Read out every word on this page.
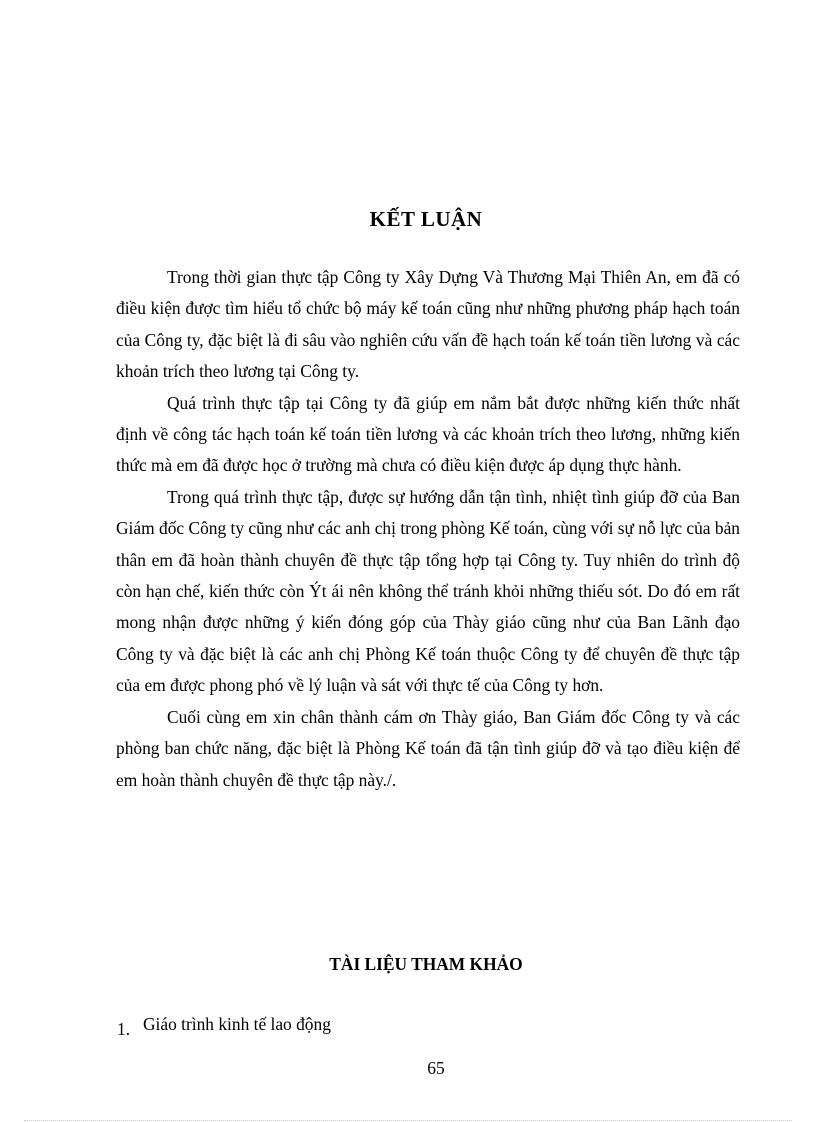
KẾT LUẬN

Trong thời gian thực tập Công ty Xây Dựng Và Thương Mại Thiên An, em đã có điều kiện được tìm hiểu tổ chức bộ máy kế toán cũng như những phương pháp hạch toán của Công ty, đặc biệt là đi sâu vào nghiên cứu vấn đề hạch toán kế toán tiền lương và các khoản trích theo lương tại Công ty.

Quá trình thực tập tại Công ty đã giúp em nắm bắt được những kiến thức nhất định về công tác hạch toán kế toán tiền lương và các khoản trích theo lương, những kiến thức mà em đã được học ở trường mà chưa có điều kiện được áp dụng thực hành.

Trong quá trình thực tập, được sự hướng dẫn tận tình, nhiệt tình giúp đỡ của Ban Giám đốc Công ty cũng như các anh chị trong phòng Kế toán, cùng với sự nỗ lực của bản thân em đã hoàn thành chuyên đề thực tập tổng hợp tại Công ty. Tuy nhiên do trình độ còn hạn chế, kiến thức còn Ýt ái nên không thể tránh khỏi những thiếu sót. Do đó em rất mong nhận được những ý kiến đóng góp của Thày giáo cũng như của Ban Lãnh đạo Công ty và đặc biệt là các anh chị Phòng Kế toán thuộc Công ty để chuyên đề thực tập của em được phong phó về lý luận và sát với thực tế của Công ty hơn.

Cuối cùng em xin chân thành cám ơn Thày giáo, Ban Giám đốc Công ty và các phòng ban chức năng, đặc biệt là Phòng Kế toán đã tận tình giúp đỡ và tạo điều kiện để em hoàn thành chuyên đề thực tập này./.

TÀI LIỆU THAM KHẢO
1. Giáo trình kinh tế lao động
65
